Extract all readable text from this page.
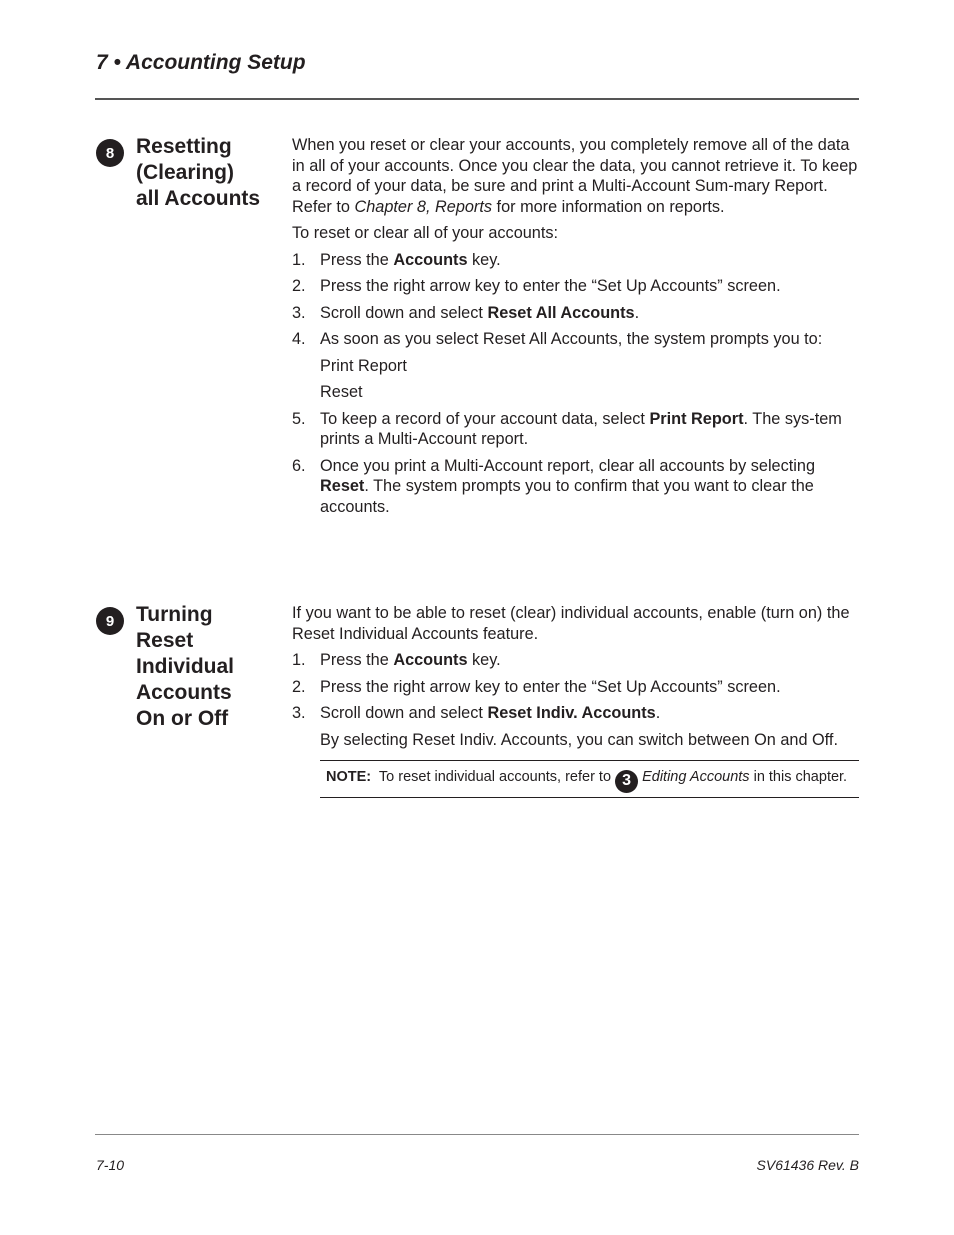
7 • Accounting Setup
8	Resetting
(Clearing)
all Accounts

When you reset or clear your accounts, you completely remove all of the data in all of your accounts. Once you clear the data, you cannot retrieve it. To keep a record of your data, be sure and print a Multi-Account Sum-mary Report. Refer to Chapter 8, Reports for more information on reports.

To reset or clear all of your accounts:

1. Press the Accounts key.
2. Press the right arrow key to enter the “Set Up Accounts” screen.
3. Scroll down and select Reset All Accounts.
4. As soon as you select Reset All Accounts, the system prompts you to:
Print Report
Reset
5. To keep a record of your account data, select Print Report. The sys-tem prints a Multi-Account report.
6. Once you print a Multi-Account report, clear all accounts by selecting Reset. The system prompts you to confirm that you want to clear the accounts.
9	Turning
Reset
Individual
Accounts
On or Off

If you want to be able to reset (clear) individual accounts, enable (turn on) the Reset Individual Accounts feature.

1. Press the Accounts key.
2. Press the right arrow key to enter the “Set Up Accounts” screen.
3. Scroll down and select Reset Indiv. Accounts.
By selecting Reset Indiv. Accounts, you can switch between On and Off.
NOTE: To reset individual accounts, refer to 3 Editing Accounts in this chapter.
7-10	SV61436 Rev. B
